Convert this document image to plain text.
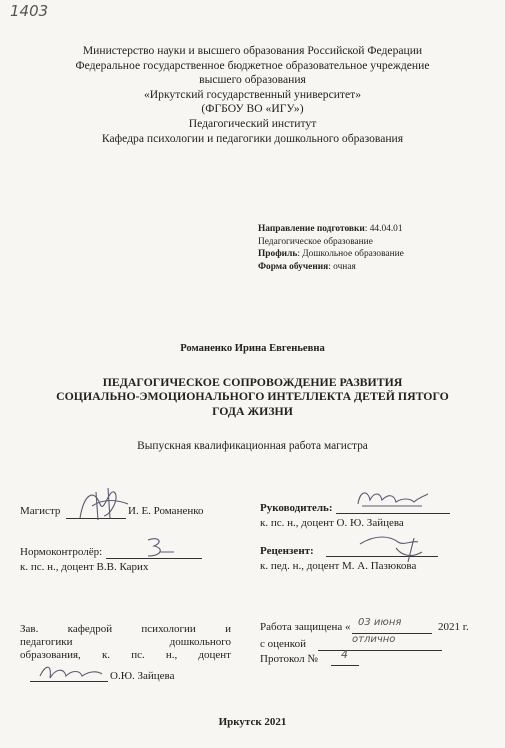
1403
Министерство науки и высшего образования Российской Федерации
Федеральное государственное бюджетное образовательное учреждение
высшего образования
«Иркутский государственный университет»
(ФГБОУ ВО «ИГУ»)
Педагогический институт
Кафедра психологии и педагогики дошкольного образования
Направление подготовки: 44.04.01
Педагогическое образование
Профиль: Дошкольное образование
Форма обучения: очная
Романенко Ирина Евгеньевна
ПЕДАГОГИЧЕСКОЕ СОПРОВОЖДЕНИЕ РАЗВИТИЯ
СОЦИАЛЬНО-ЭМОЦИОНАЛЬНОГО ИНТЕЛЛЕКТА ДЕТЕЙ ПЯТОГО
ГОДА ЖИЗНИ
Выпускная квалификационная работа магистра
Магистр	И. Е. Романенко
Нормоконтролёр:
к. пс. н., доцент В.В. Карих
Зав. кафедрой психологии и
педагогики дошкольного
образования, к. пс. н., доцент
О.Ю. Зайцева
Руководитель:
к. пс. н., доцент О. Ю. Зайцева
Рецензент:
к. пед. н., доцент М. А. Пазюкова
Работа защищена « 03 июня	2021 г.
с оценкой	отлично
Протокол № 4
Иркутск 2021
